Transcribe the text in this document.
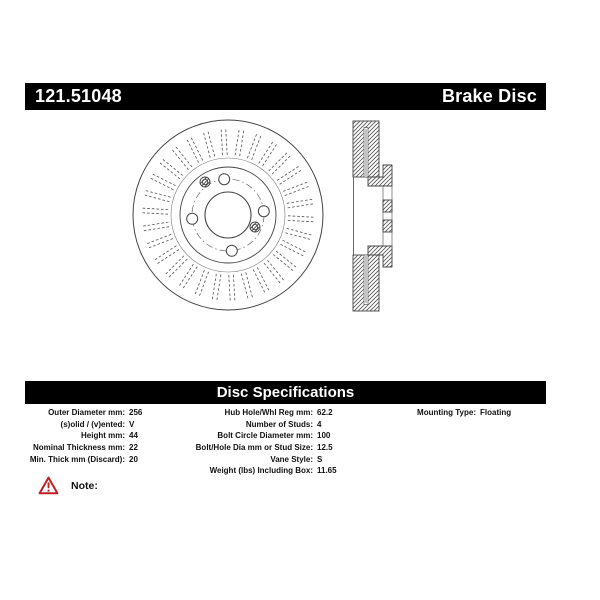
121.51048	Brake Disc
Disc Specifications
Outer Diameter mm: 256
(s)olid / (v)ented: V
Height mm: 44
Nominal Thickness mm: 22
Min. Thick mm (Discard): 20
Hub Hole/Whl Reg mm: 62.2
Number of Studs: 4
Bolt Circle Diameter mm: 100
Bolt/Hole Dia mm or Stud Size: 12.5
Vane Style: S
Weight (lbs) Including Box: 11.65
Mounting Type: Floating
Note:
